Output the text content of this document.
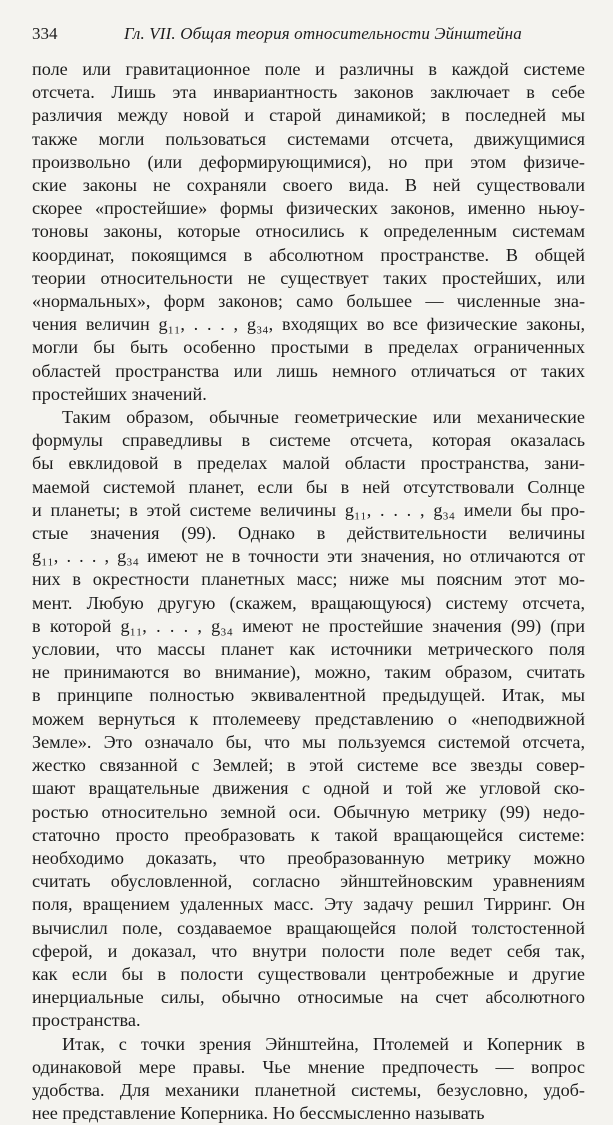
334	Гл. VII. Общая теория относительности Эйнштейна

поле или гравитационное поле и различны в каждой системе
отсчета. Лишь эта инвариантность законов заключает в себе
различия между новой и старой динамикой; в последней мы
также могли пользоваться системами отсчета, движущимися
произвольно (или деформирующимися), но при этом физиче-
ские законы не сохраняли своего вида. В ней существовали
скорее «простейшие» формы физических законов, именно ньюу-
тоновы законы, которые относились к определенным системам
координат, покоящимся в абсолютном пространстве. В общей
теории относительности не существует таких простейших, или
«нормальных», форм законов; само большее — численные зна-
чения величин g₁₁, . . . , g₃₄, входящих во все физические законы,
могли бы быть особенно простыми в пределах ограниченных
областей пространства или лишь немного отличаться от таких
простейших значений.

Таким образом, обычные геометрические или механические
формулы справедливы в системе отсчета, которая оказалась
бы евклидовой в пределах малой области пространства, зани-
маемой системой планет, если бы в ней отсутствовали Солнце
и планеты; в этой системе величины g₁₁, . . . , g₃₄ имели бы про-
стые значения (99). Однако в действительности величины
g₁₁, . . . , g₃₄ имеют не в точности эти значения, но отличаются от
них в окрестности планетных масс; ниже мы поясним этот мо-
мент. Любую другую (скажем, вращающуюся) систему отсчета,
в которой g₁₁, . . . , g₃₄ имеют не простейшие значения (99) (при
условии, что массы планет как источники метрического поля
не принимаются во внимание), можно, таким образом, считать
в принципе полностью эквивалентной предыдущей. Итак, мы
можем вернуться к птолемееву представлению о «неподвижной
Земле». Это означало бы, что мы пользуемся системой отсчета,
жестко связанной с Землей; в этой системе все звезды совер-
шают вращательные движения с одной и той же угловой ско-
ростью относительно земной оси. Обычную метрику (99) недо-
статочно просто преобразовать к такой вращающейся системе:
необходимо доказать, что преобразованную метрику можно
считать обусловленной, согласно эйнштейновским уравнениям
поля, вращением удаленных масс. Эту задачу решил Тирринг. Он
вычислил поле, создаваемое вращающейся полой толстостенной
сферой, и доказал, что внутри полости поле ведет себя так,
как если бы в полости существовали центробежные и другие
инерциальные силы, обычно относимые на счет абсолютного
пространства.

Итак, с точки зрения Эйнштейна, Птолемей и Коперник в
одинаковой мере правы. Чье мнение предпочесть — вопрос
удобства. Для механики планетной системы, безусловно, удоб-
нее представление Коперника. Но бессмысленно называть
